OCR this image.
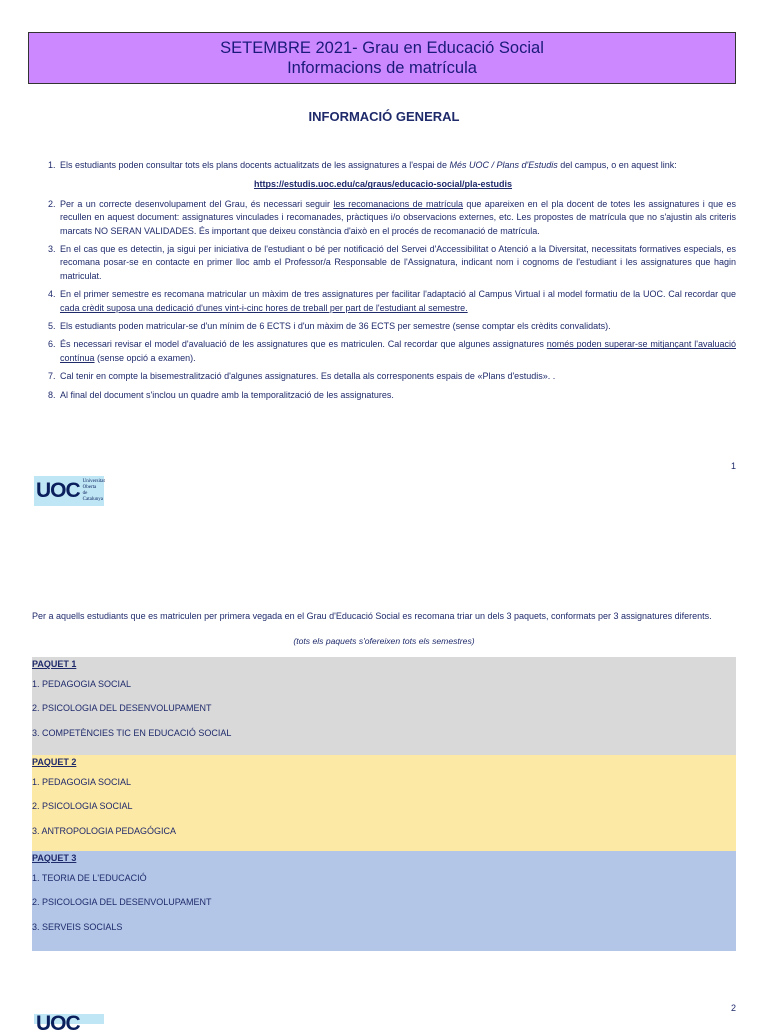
SETEMBRE 2021- Grau en Educació Social
Informacions de matrícula
INFORMACIÓ GENERAL
1. Els estudiants poden consultar tots els plans docents actualitzats de les assignatures a l'espai de Més UOC / Plans d'Estudis del campus, o en aquest link:
https://estudis.uoc.edu/ca/graus/educacio-social/pla-estudis
2. Per a un correcte desenvolupament del Grau, és necessari seguir les recomanacions de matrícula que apareixen en el pla docent de totes les assignatures i que es recullen en aquest document: assignatures vinculades i recomanades, pràctiques i/o observacions externes, etc. Les propostes de matrícula que no s'ajustin als criteris marcats NO SERAN VALIDADES. És important que deixeu constància d'això en el procés de recomanació de matrícula.
3. En el cas que es detectin, ja sigui per iniciativa de l'estudiant o bé per notificació del Servei d'Accessibilitat o Atenció a la Diversitat, necessitats formatives especials, es recomana posar-se en contacte en primer lloc amb el Professor/a Responsable de l'Assignatura, indicant nom i cognoms de l'estudiant i les assignatures que hagin matriculat.
4. En el primer semestre es recomana matricular un màxim de tres assignatures per facilitar l'adaptació al Campus Virtual i al model formatiu de la UOC. Cal recordar que cada crèdit suposa una dedicació d'unes vint-i-cinc hores de treball per part de l'estudiant al semestre.
5. Els estudiants poden matricular-se d'un mínim de 6 ECTS i d'un màxim de 36 ECTS per semestre (sense comptar els crèdits convalidats).
6. És necessari revisar el model d'avaluació de les assignatures que es matriculen. Cal recordar que algunes assignatures només poden superar-se mitjançant l'avaluació contínua (sense opció a examen).
7. Cal tenir en compte la bisemestralització d'algunes assignatures. Es detalla als corresponents espais de «Plans d'estudis». .
8. Al final del document s'inclou un quadre amb la temporalització de les assignatures.
1
UOC Universitat
Oberta
de Catalunya
Per a aquells estudiants que es matriculen per primera vegada en el Grau d'Educació Social es recomana triar un dels 3 paquets, conformats per 3 assignatures diferents.
(tots els paquets s'ofereixen tots els semestres)
PAQUET 1
1. PEDAGOGIA SOCIAL
2. PSICOLOGIA DEL DESENVOLUPAMENT
3. COMPETÈNCIES TIC EN EDUCACIÓ SOCIAL
PAQUET 2
1. PEDAGOGIA SOCIAL
2. PSICOLOGIA SOCIAL
3. ANTROPOLOGIA PEDAGÓGICA
PAQUET 3
1. TEORIA DE L'EDUCACIÓ
2. PSICOLOGIA DEL DESENVOLUPAMENT
3. SERVEIS SOCIALS
2
UOC
